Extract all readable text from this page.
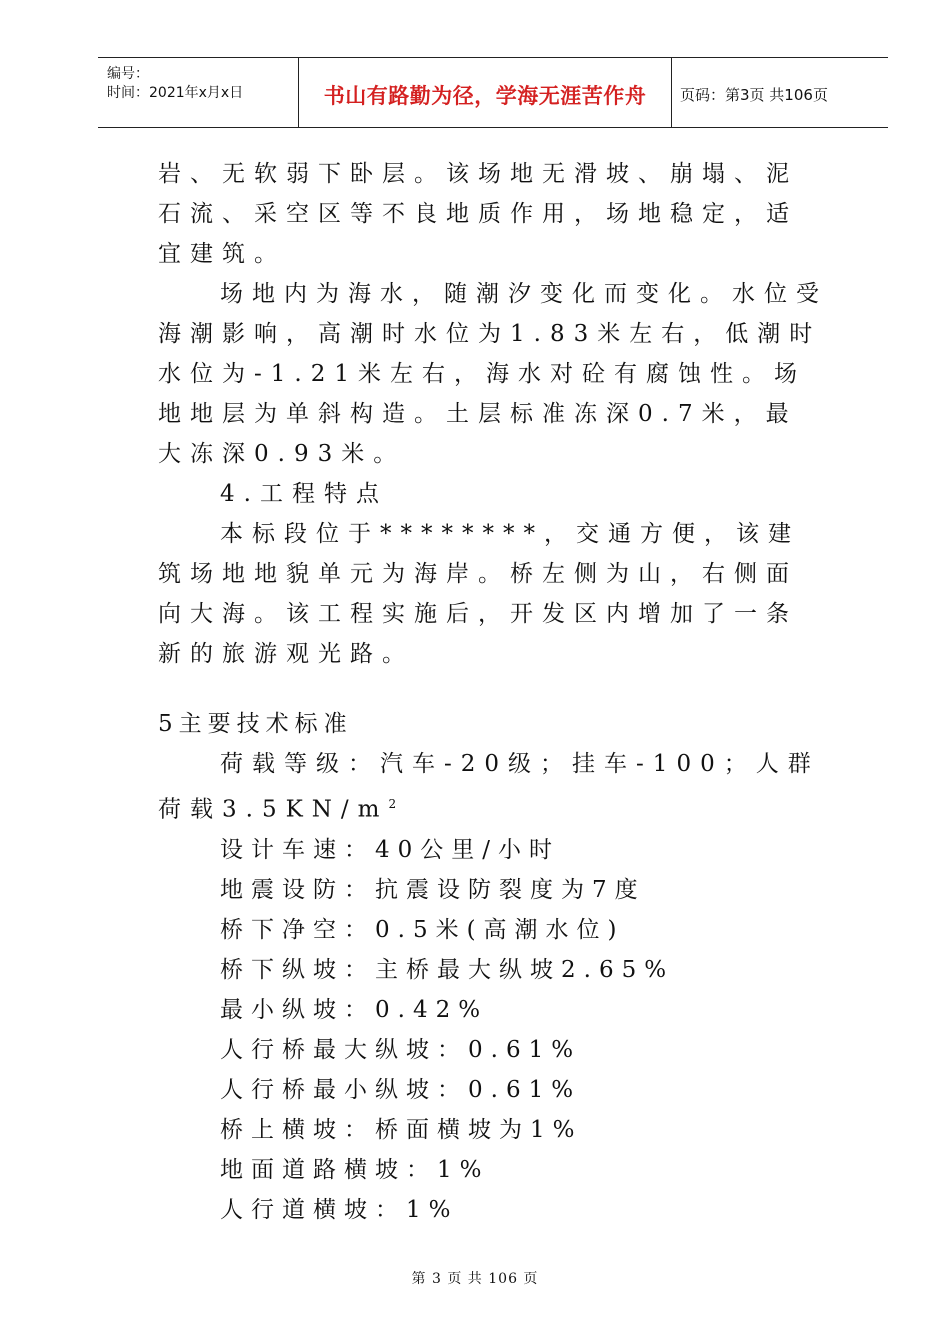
编号：
时间：2021年x月x日	书山有路勤为径，学海无涯苦作舟	页码：第3页 共106页

岩、无软弱下卧层。该场地无滑坡、崩塌、泥石流、采空区等不良地质作用，场地稳定，适宜建筑。

场地内为海水，随潮汐变化而变化。水位受海潮影响，高潮时水位为1.83米左右，低潮时水位为-1.21米左右，海水对砼有腐蚀性。场地地层为单斜构造。土层标准冻深0.7米，最大冻深0.93米。

4.工程特点

本标段位于********，交通方便，该建筑场地地貌单元为海岸。桥左侧为山，右侧面向大海。该工程实施后，开发区内增加了一条新的旅游观光路。

5主要技术标准

荷载等级：汽车-20级；挂车-100；人群荷载$3.5KN/m^2$

设计车速：40公里/小时

地震设防：抗震设防裂度为7度

桥下净空：0.5米(高潮水位)

桥下纵坡：主桥最大纵坡2.65%

最小纵坡：0.42%

人行桥最大纵坡：0.61%

人行桥最小纵坡：0.61%

桥上横坡：桥面横坡为1%

地面道路横坡：1%

人行道横坡：1%

第 3 页 共 106 页
